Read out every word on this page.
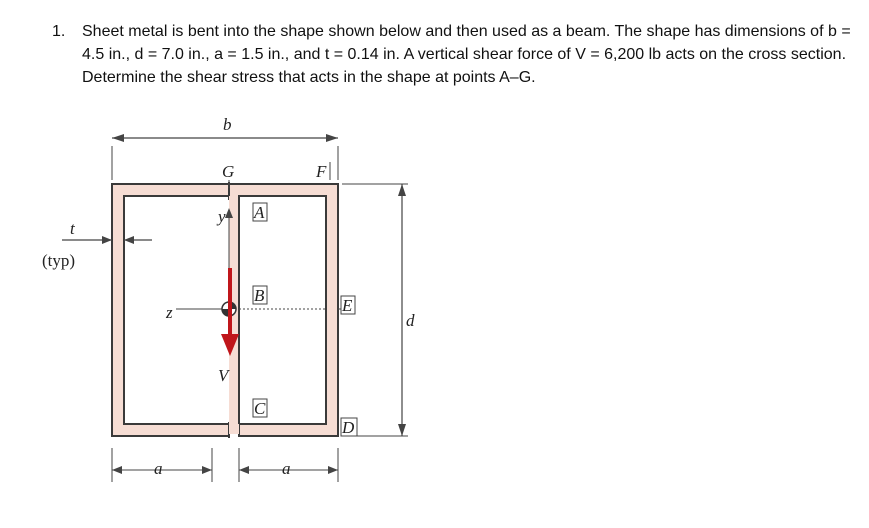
1. Sheet metal is bent into the shape shown below and then used as a beam. The shape has dimensions of b = 4.5 in., d = 7.0 in., a = 1.5 in., and t = 0.14 in. A vertical shear force of V = 6,200 lb acts on the cross section. Determine the shear stress that acts in the shape at points A–G.
b
d
t
(typ)
a	a
y
z
V
G	F
A
B
C
D
E
